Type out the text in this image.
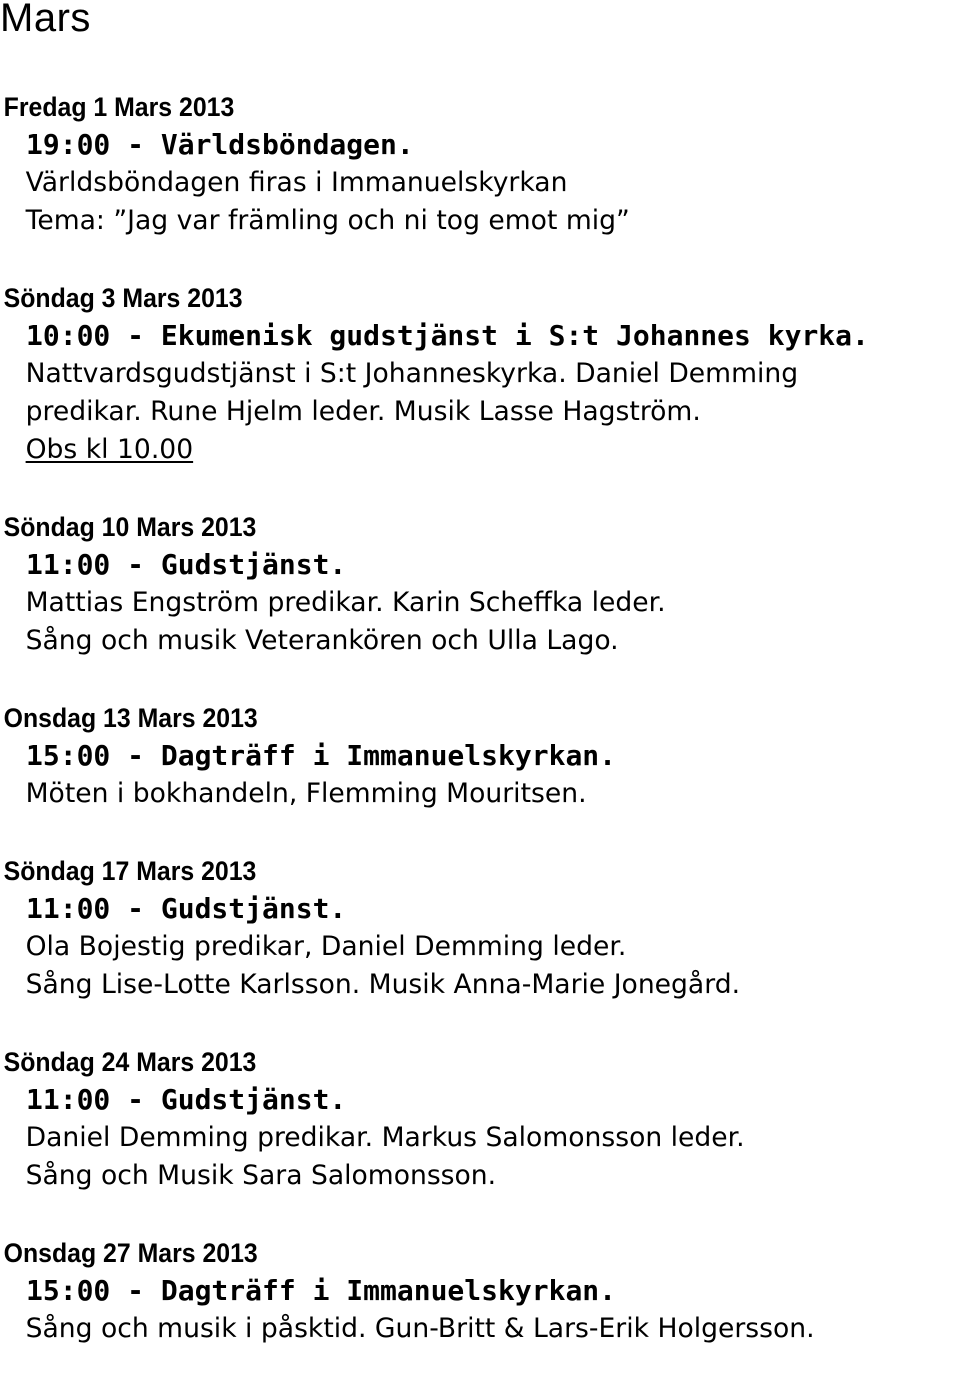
Mars
Fredag 1 Mars 2013
19:00 - Världsböndagen.
Världsböndagen firas i Immanuelskyrkan
Tema: ”Jag var främling och ni tog emot mig”
Söndag 3 Mars 2013
10:00 - Ekumenisk gudstjänst i S:t Johannes kyrka.
Nattvardsgudstjänst i S:t Johanneskyrka. Daniel Demming
predikar. Rune Hjelm leder. Musik Lasse Hagström.
Obs kl 10.00
Söndag 10 Mars 2013
11:00 - Gudstjänst.
Mattias Engström predikar. Karin Scheffka leder.
Sång och musik Veterankören och Ulla Lago.
Onsdag 13 Mars 2013
15:00 - Dagträff i Immanuelskyrkan.
Möten i bokhandeln, Flemming Mouritsen.
Söndag 17 Mars 2013
11:00 - Gudstjänst.
Ola Bojestig predikar, Daniel Demming leder.
Sång Lise-Lotte Karlsson. Musik Anna-Marie Jonegård.
Söndag 24 Mars 2013
11:00 - Gudstjänst.
Daniel Demming predikar. Markus Salomonsson leder.
Sång och Musik Sara Salomonsson.
Onsdag 27 Mars 2013
15:00 - Dagträff i Immanuelskyrkan.
Sång och musik i påsktid. Gun-Britt & Lars-Erik Holgersson.
